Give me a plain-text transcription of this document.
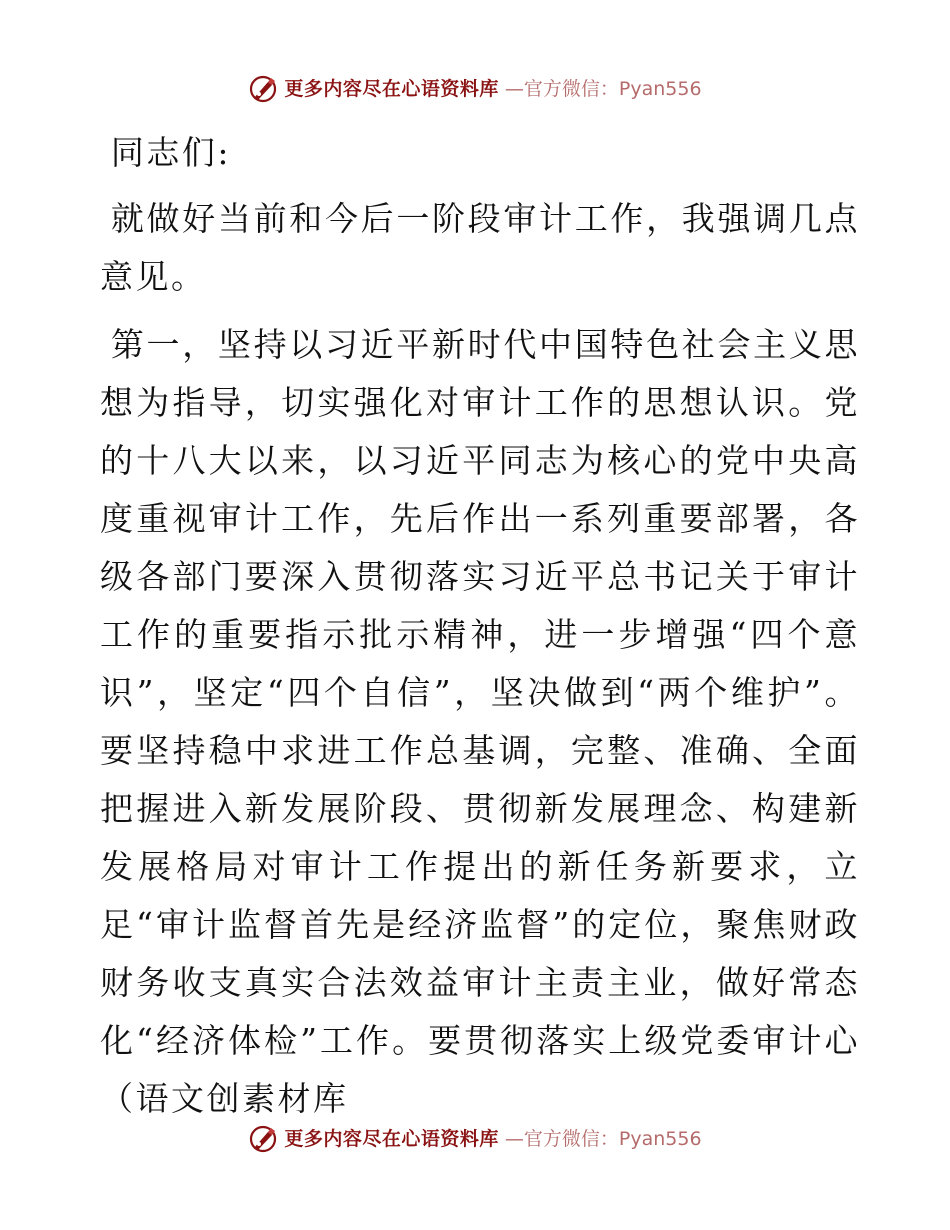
更多内容尽在心语资料库 —官方微信：Pyan556

同志们:

就做好当前和今后一阶段审计工作，我强调几点意见。

第一，坚持以习近平新时代中国特色社会主义思想为指导，切实强化对审计工作的思想认识。党的十八大以来，以习近平同志为核心的党中央高度重视审计工作，先后作出一系列重要部署，各级各部门要深入贯彻落实习近平总书记关于审计工作的重要指示批示精神，进一步增强“四个意识”，坚定“四个自信”，坚决做到“两个维护”。要坚持稳中求进工作总基调，完整、准确、全面把握进入新发展阶段、贯彻新发展理念、构建新发展格局对审计工作提出的新任务新要求，立足“审计监督首先是经济监督”的定位，聚焦财政财务收支真实合法效益审计主责主业，做好常态化“经济体检”工作。要贯彻落实上级党委审计心（语文创素材库

更多内容尽在心语资料库 —官方微信：Pyan556
